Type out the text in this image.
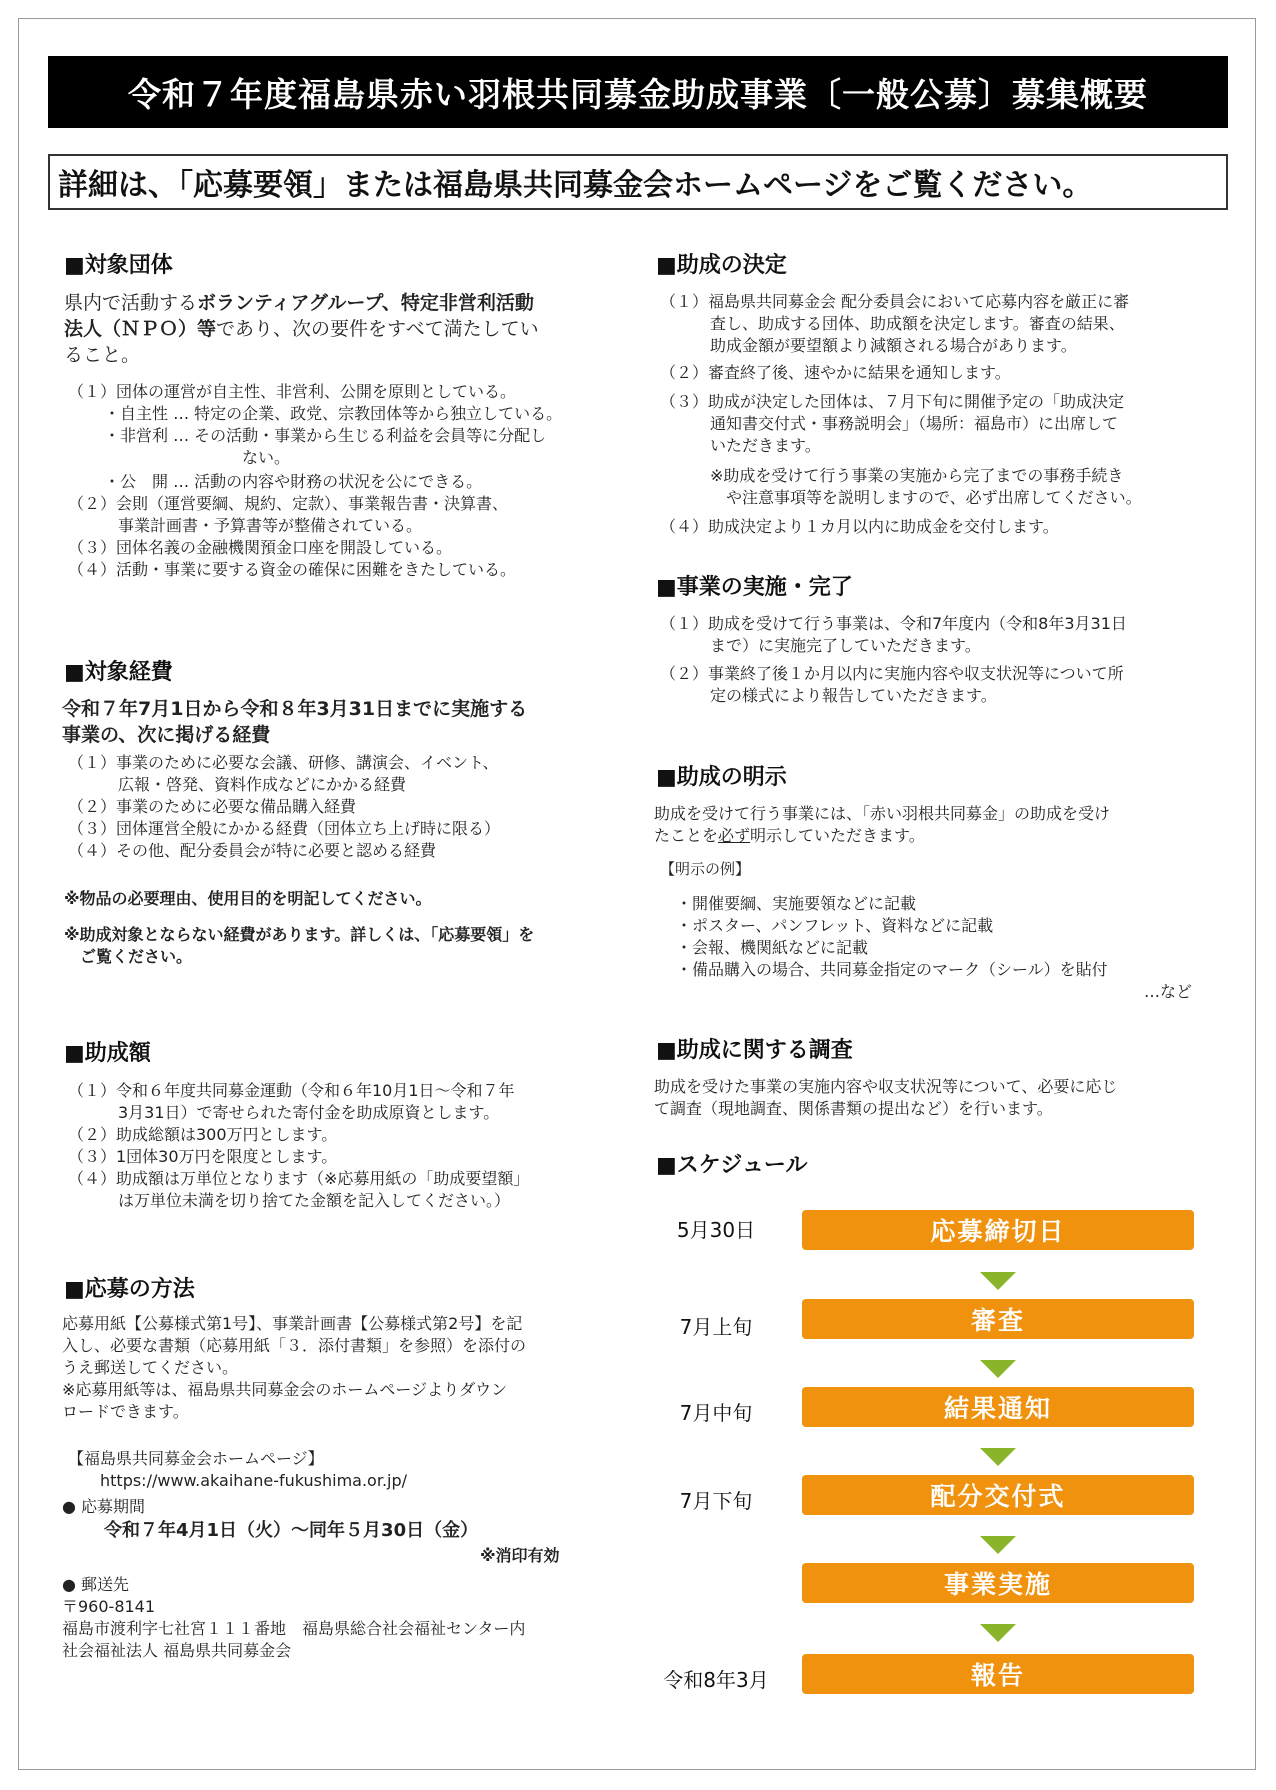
令和７年度福島県赤い羽根共同募金助成事業〔一般公募〕募集概要
詳細は、「応募要領」または福島県共同募金会ホームページをご覧ください。
■対象団体
県内で活動するボランティアグループ、特定非営利活動
法人（ＮＰＯ）等であり、次の要件をすべて満たしてい
ること。
（１）団体の運営が自主性、非営利、公開を原則としている。
・自主性 … 特定の企業、政党、宗教団体等から独立している。
・非営利 … その活動・事業から生じる利益を会員等に分配し
ない。
・公　開 … 活動の内容や財務の状況を公にできる。
（２）会則（運営要綱、規約、定款）、事業報告書・決算書、
事業計画書・予算書等が整備されている。
（３）団体名義の金融機関預金口座を開設している。
（４）活動・事業に要する資金の確保に困難をきたしている。
■対象経費
令和７年7月1日から令和８年3月31日までに実施する
事業の、次に掲げる経費
（１）事業のために必要な会議、研修、講演会、イベント、
広報・啓発、資料作成などにかかる経費
（２）事業のために必要な備品購入経費
（３）団体運営全般にかかる経費（団体立ち上げ時に限る）
（４）その他、配分委員会が特に必要と認める経費
※物品の必要理由、使用目的を明記してください。
※助成対象とならない経費があります。詳しくは、「応募要領」を
ご覧ください。
■助成額
（１）令和６年度共同募金運動（令和６年10月1日～令和７年
3月31日）で寄せられた寄付金を助成原資とします。
（２）助成総額は300万円とします。
（３）1団体30万円を限度とします。
（４）助成額は万単位となります（※応募用紙の「助成要望額」
は万単位未満を切り捨てた金額を記入してください。）
■応募の方法
応募用紙【公募様式第1号】、事業計画書【公募様式第2号】を記
入し、必要な書類（応募用紙「３．添付書類」を参照）を添付の
うえ郵送してください。
※応募用紙等は、福島県共同募金会のホームページよりダウン
ロードできます。
【福島県共同募金会ホームページ】
https://www.akaihane-fukushima.or.jp/
● 応募期間
令和７年4月1日（火）～同年５月30日（金）
※消印有効
● 郵送先
〒960-8141
福島市渡利字七社宮１１１番地　福島県総合社会福祉センター内
社会福祉法人 福島県共同募金会
■助成の決定
（１）福島県共同募金会 配分委員会において応募内容を厳正に審
査し、助成する団体、助成額を決定します。審査の結果、
助成金額が要望額より減額される場合があります。
（２）審査終了後、速やかに結果を通知します。
（３）助成が決定した団体は、７月下旬に開催予定の「助成決定
通知書交付式・事務説明会」（場所：福島市）に出席して
いただきます。
※助成を受けて行う事業の実施から完了までの事務手続き
や注意事項等を説明しますので、必ず出席してください。
（４）助成決定より１カ月以内に助成金を交付します。
■事業の実施・完了
（１）助成を受けて行う事業は、令和7年度内（令和8年3月31日
まで）に実施完了していただきます。
（２）事業終了後１か月以内に実施内容や収支状況等について所
定の様式により報告していただきます。
■助成の明示
助成を受けて行う事業には、「赤い羽根共同募金」の助成を受け
たことを必ず明示していただきます。
【明示の例】
・開催要綱、実施要領などに記載
・ポスター、パンフレット、資料などに記載
・会報、機関紙などに記載
・備品購入の場合、共同募金指定のマーク（シール）を貼付
…など
■助成に関する調査
助成を受けた事業の実施内容や収支状況等について、必要に応じ
て調査（現地調査、関係書類の提出など）を行います。
■スケジュール
5月30日	応募締切日
7月上旬	審査
7月中旬	結果通知
7月下旬	配分交付式
事業実施
令和8年3月	報告
